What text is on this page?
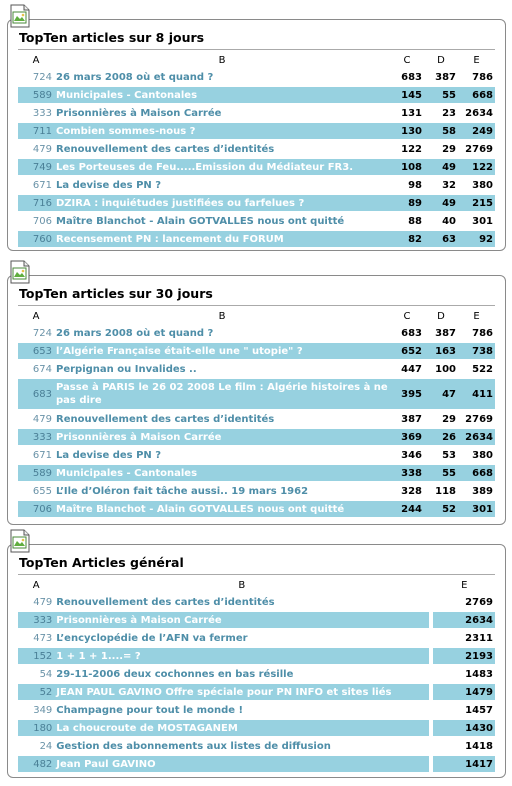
TopTen articles sur 8 jours
A	B	C	D	E
724	26 mars 2008 où et quand ?	683	387	786
589	Municipales - Cantonales	145	55	668
333	Prisonnières à Maison Carrée	131	23	2634
711	Combien sommes-nous ?	130	58	249
479	Renouvellement des cartes d’identités	122	29	2769
749	Les Porteuses de Feu.....Emission du Médiateur FR3.	108	49	122
671	La devise des PN ?	98	32	380
716	DZIRA : inquiétudes justifiées ou farfelues ?	89	49	215
706	Maître Blanchot - Alain GOTVALLES nous ont quitté	88	40	301
760	Recensement PN : lancement du FORUM	82	63	92
TopTen articles sur 30 jours
A	B	C	D	E
724	26 mars 2008 où et quand ?	683	387	786
653	l’Algérie Française était-elle une " utopie" ?	652	163	738
674	Perpignan ou Invalides ..	447	100	522
683	Passe à PARIS le 26 02 2008 Le film : Algérie histoires à ne pas dire	395	47	411
479	Renouvellement des cartes d’identités	387	29	2769
333	Prisonnières à Maison Carrée	369	26	2634
671	La devise des PN ?	346	53	380
589	Municipales - Cantonales	338	55	668
655	L’Ile d’Oléron fait tâche aussi.. 19 mars 1962	328	118	389
706	Maître Blanchot - Alain GOTVALLES nous ont quitté	244	52	301
TopTen Articles général
A	B		E
479	Renouvellement des cartes d’identités		2769
333	Prisonnières à Maison Carrée		2634
473	L’encyclopédie de l’AFN va fermer		2311
152	1 + 1 + 1....= ?		2193
54	29-11-2006 deux cochonnes en bas résille		1483
52	JEAN PAUL GAVINO Offre spéciale pour PN INFO et sites liés		1479
349	Champagne pour tout le monde !		1457
180	La choucroute de MOSTAGANEM		1430
24	Gestion des abonnements aux listes de diffusion		1418
482	Jean Paul GAVINO		1417
